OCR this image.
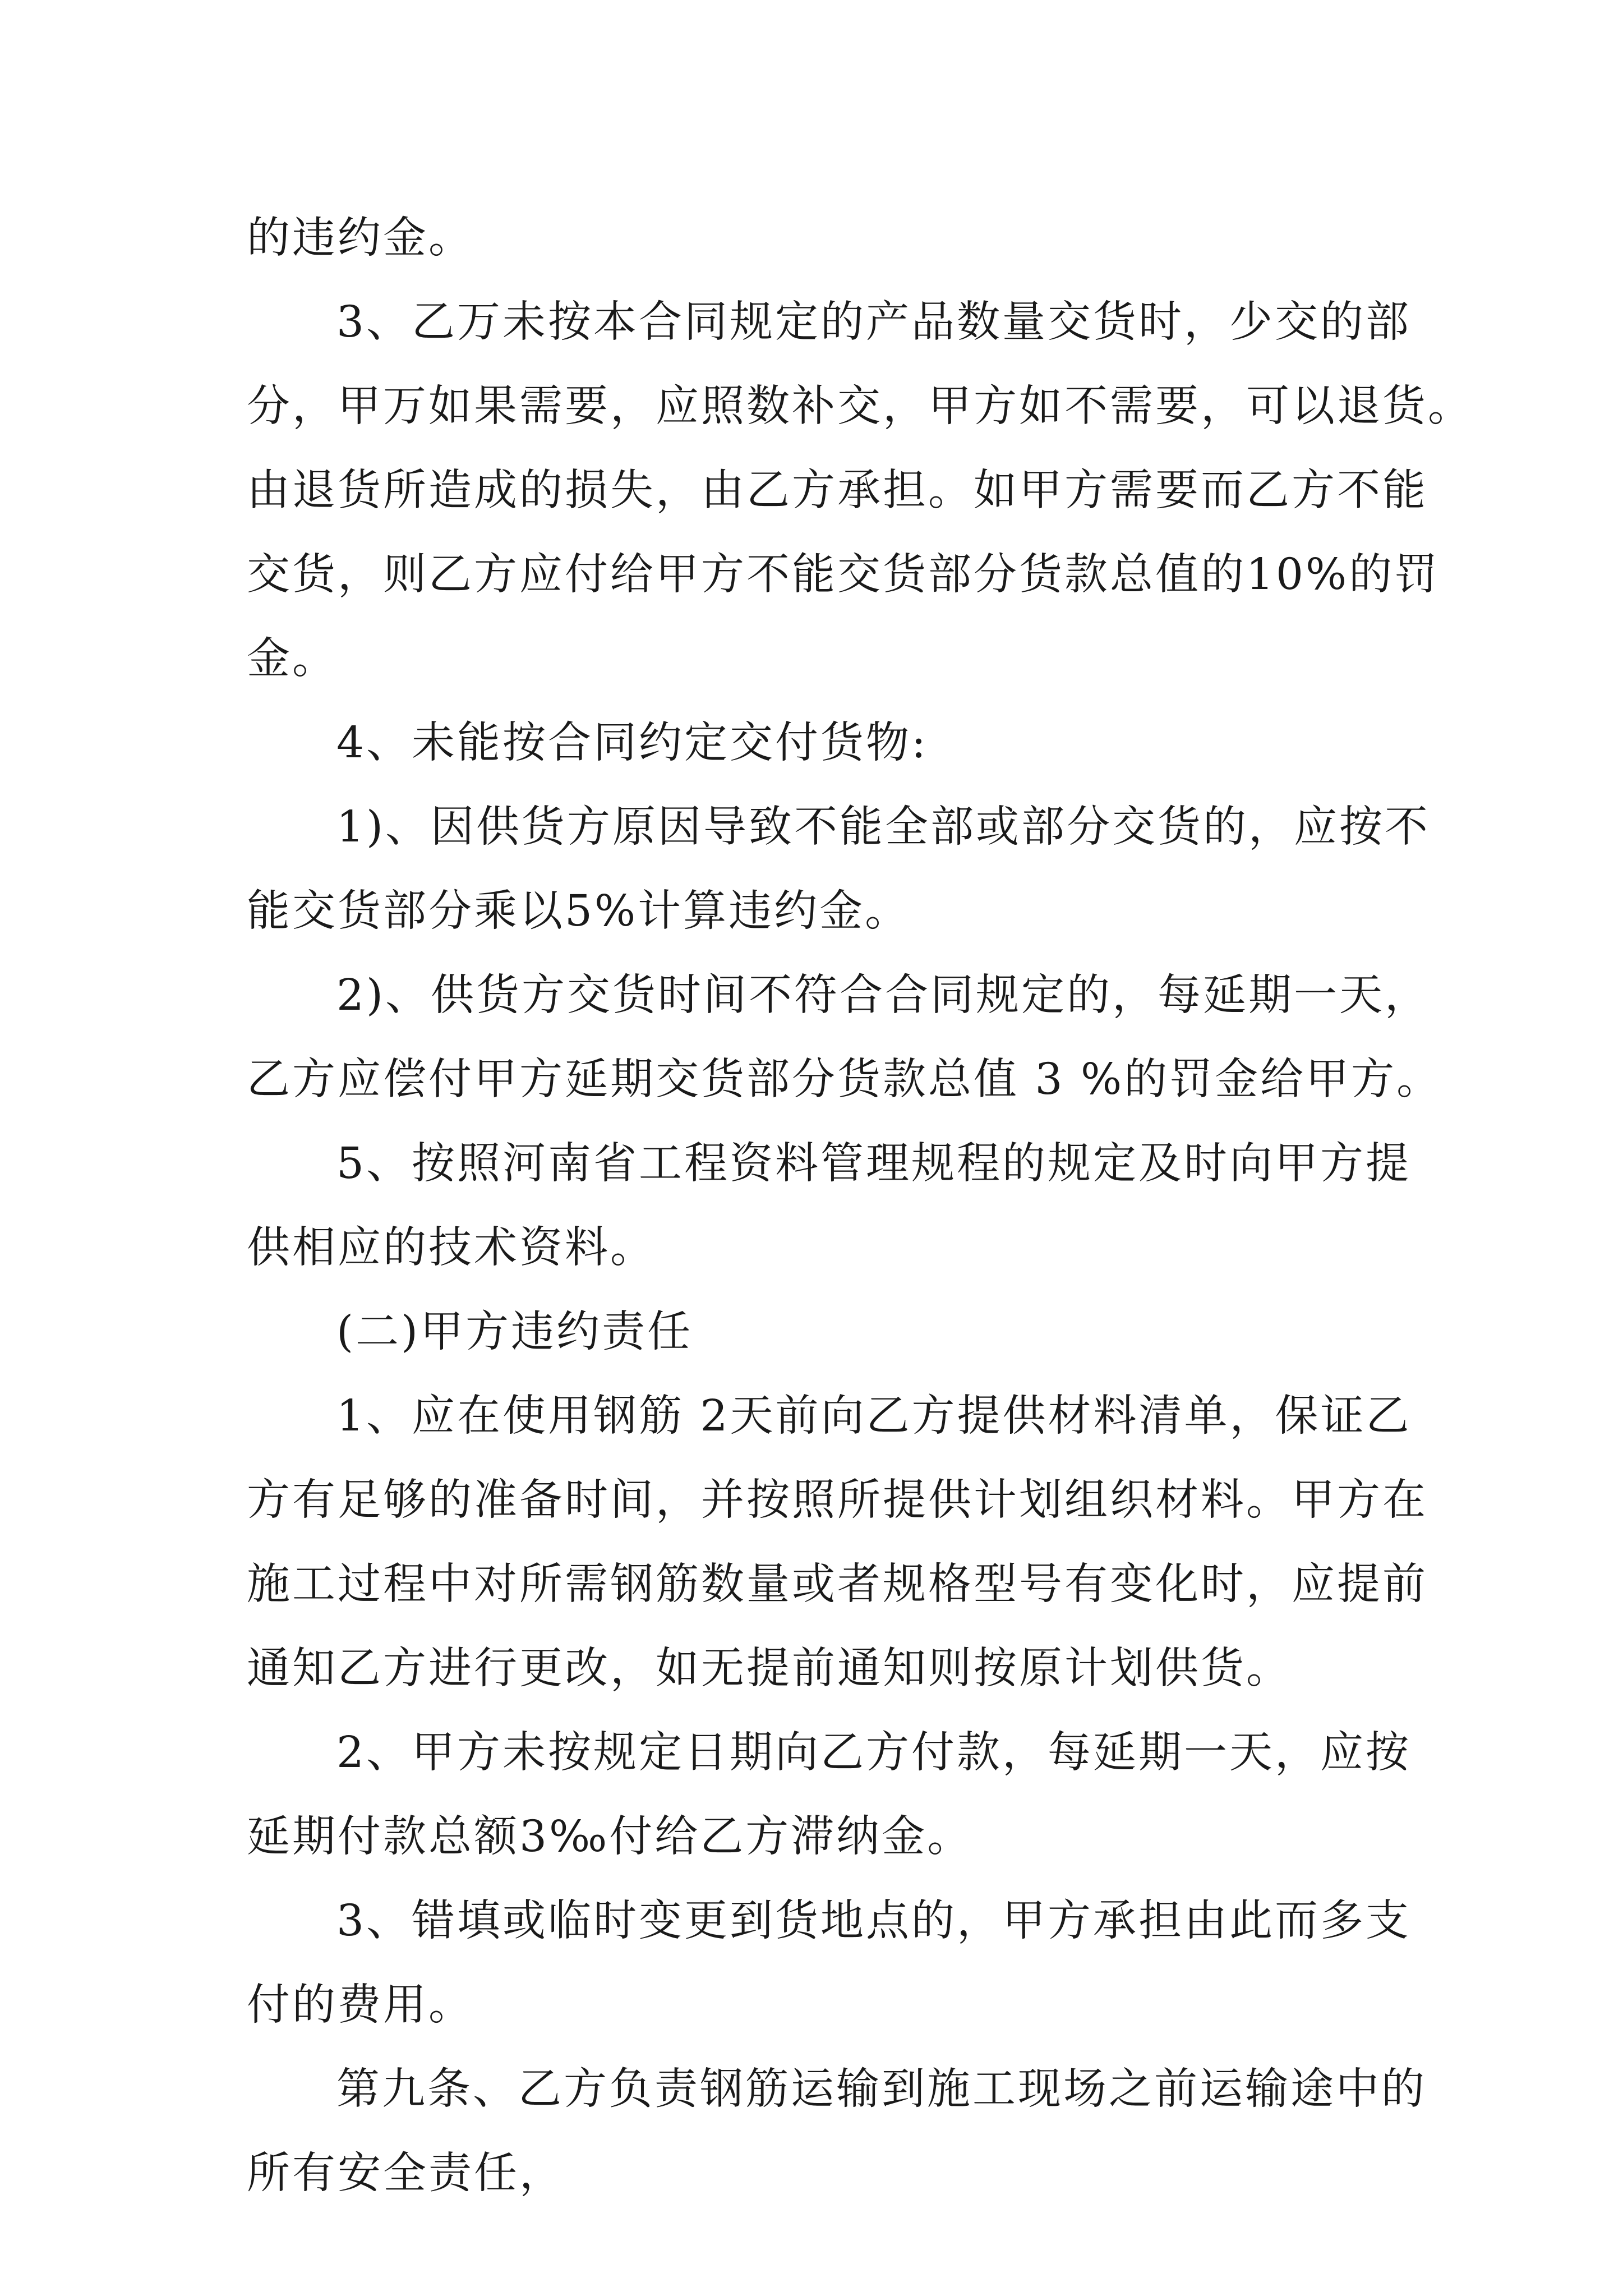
的违约金。
3、乙万未按本合同规定的产品数量交货时，少交的部
分，甲万如果需要，应照数补交，甲方如不需要，可以退货。
由退货所造成的损失，由乙方承担。如甲方需要而乙方不能
交货，则乙方应付给甲方不能交货部分货款总值的10%的罚
金。
4、未能按合同约定交付货物:
1)、因供货方原因导致不能全部或部分交货的，应按不
能交货部分乘以5%计算违约金。
2)、供货方交货时间不符合合同规定的，每延期一天，
乙方应偿付甲方延期交货部分货款总值 3 %的罚金给甲方。
5、按照河南省工程资料管理规程的规定及时向甲方提
供相应的技术资料。
(二)甲方违约责任
1、应在使用钢筋 2天前向乙方提供材料清单，保证乙
方有足够的准备时间，并按照所提供计划组织材料。甲方在
施工过程中对所需钢筋数量或者规格型号有变化时，应提前
通知乙方进行更改，如无提前通知则按原计划供货。
2、甲方未按规定日期向乙方付款，每延期一天，应按
延期付款总额3‰付给乙方滞纳金。
3、错填或临时变更到货地点的，甲方承担由此而多支
付的费用。
第九条、乙方负责钢筋运输到施工现场之前运输途中的
所有安全责任，
